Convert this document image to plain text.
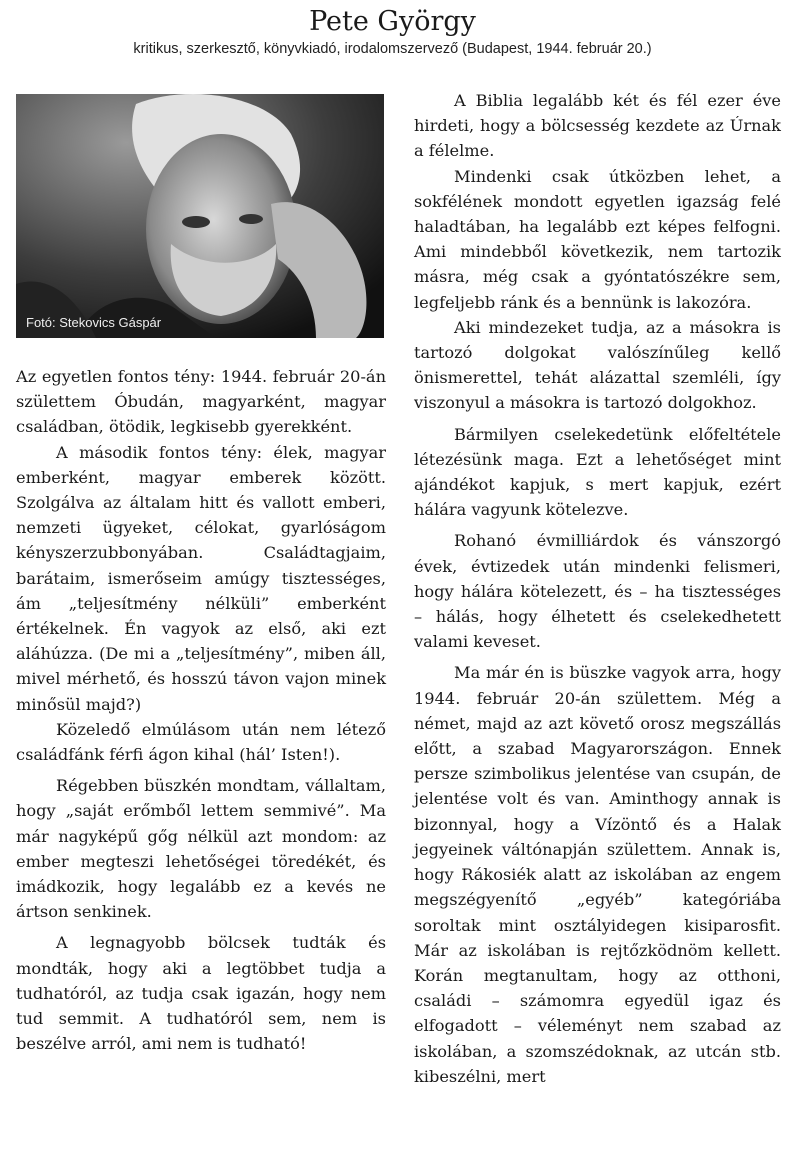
Pete György
kritikus, szerkesztő, könyvkiadó, irodalomszervező (Budapest, 1944. február 20.)
Fotó: Stekovics Gáspár

Az egyetlen fontos tény: 1944. február 20-án születtem Óbudán, magyarként, magyar családban, ötödik, legkisebb gyerekként.

A második fontos tény: élek, magyar emberként, magyar emberek között. Szolgálva az általam hitt és vallott emberi, nemzeti ügyeket, célokat, gyarlóságom kényszerzubbonyában. Családtagjaim, barátaim, ismerőseim amúgy tisztességes, ám „teljesítmény nélküli” emberként értékelnek. Én vagyok az első, aki ezt aláhúzza. (De mi a „teljesítmény”, miben áll, mivel mérhető, és hosszú távon vajon minek minősül majd?)

Közeledő elmúlásom után nem létező családfánk férfi ágon kihal (hál’ Isten!).

Régebben büszkén mondtam, vállaltam, hogy „saját erőmből lettem semmivé”. Ma már nagyképű gőg nélkül azt mondom: az ember megteszi lehetőségei töredékét, és imádkozik, hogy legalább ez a kevés ne ártson senkinek.

A legnagyobb bölcsek tudták és mondták, hogy aki a legtöbbet tudja a tudhatóról, az tudja csak igazán, hogy nem tud semmit. A tudhatóról sem, nem is beszélve arról, ami nem is tudható!

A Biblia legalább két és fél ezer éve hirdeti, hogy a bölcsesség kezdete az Úrnak a félelme.

Mindenki csak útközben lehet, a sokfélének mondott egyetlen igazság felé haladtában, ha legalább ezt képes felfogni. Ami mindebből következik, nem tartozik másra, még csak a gyóntatószékre sem, legfeljebb ránk és a bennünk is lakozóra.

Aki mindezeket tudja, az a másokra is tartozó dolgokat valószínűleg kellő önismerettel, tehát alázattal szemléli, így viszonyul a másokra is tartozó dolgokhoz.

Bármilyen cselekedetünk előfeltétele létezésünk maga. Ezt a lehetőséget mint ajándékot kapjuk, s mert kapjuk, ezért hálára vagyunk kötelezve.

Rohanó évmilliárdok és vánszorgó évek, évtizedek után mindenki felismeri, hogy hálára kötelezett, és – ha tisztességes – hálás, hogy élhetett és cselekedhetett valami keveset.

Ma már én is büszke vagyok arra, hogy 1944. február 20-án születtem. Még a német, majd az azt követő orosz megszállás előtt, a szabad Magyarországon. Ennek persze szimbolikus jelentése van csupán, de jelentése volt és van. Aminthogy annak is bizonnyal, hogy a Vízöntő és a Halak jegyeinek váltónapján születtem. Annak is, hogy Rákosiék alatt az iskolában az engem megszégyenítő „egyéb” kategóriába soroltak mint osztályidegen kisiparosfit. Már az iskolában is rejtőzködnöm kellett. Korán megtanultam, hogy az otthoni, családi – számomra egyedül igaz és elfogadott – véleményt nem szabad az iskolában, a szomszédoknak, az utcán stb. kibeszélni, mert
